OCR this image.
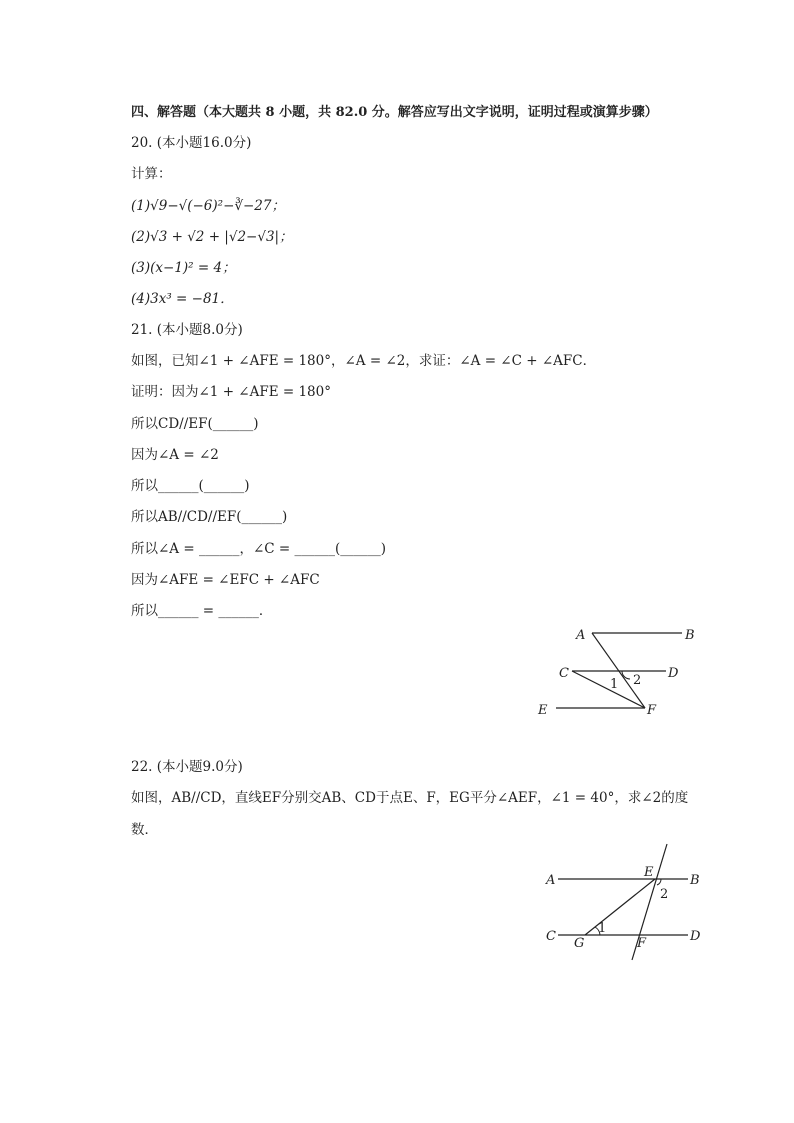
四、解答题（本大题共 8 小题，共 82.0 分。解答应写出文字说明，证明过程或演算步骤）
20. (本小题16.0分)
计算：
(1)√9−√(−6)²−∛−27；
(2)√3 + √2 + |√2−√3|；
(3)(x−1)² = 4；
(4)3x³ = −81．
21. (本小题8.0分)
如图，已知∠1 + ∠AFE = 180°，∠A = ∠2，求证：∠A = ∠C + ∠AFC．
证明：因为∠1 + ∠AFE = 180°
所以CD//EF(______)
因为∠A = ∠2
所以______(______)
所以AB//CD//EF(______)
所以∠A = ______，∠C = ______(______)
因为∠AFE = ∠EFC + ∠AFC
所以______ = ______．
A	B
C	D
E	F
1 2
22. (本小题9.0分)
如图，AB//CD，直线EF分别交AB、CD于点E、F，EG平分∠AEF，∠1 = 40°，求∠2的度
数．
A	B
C	D
E
F
G
1
2
